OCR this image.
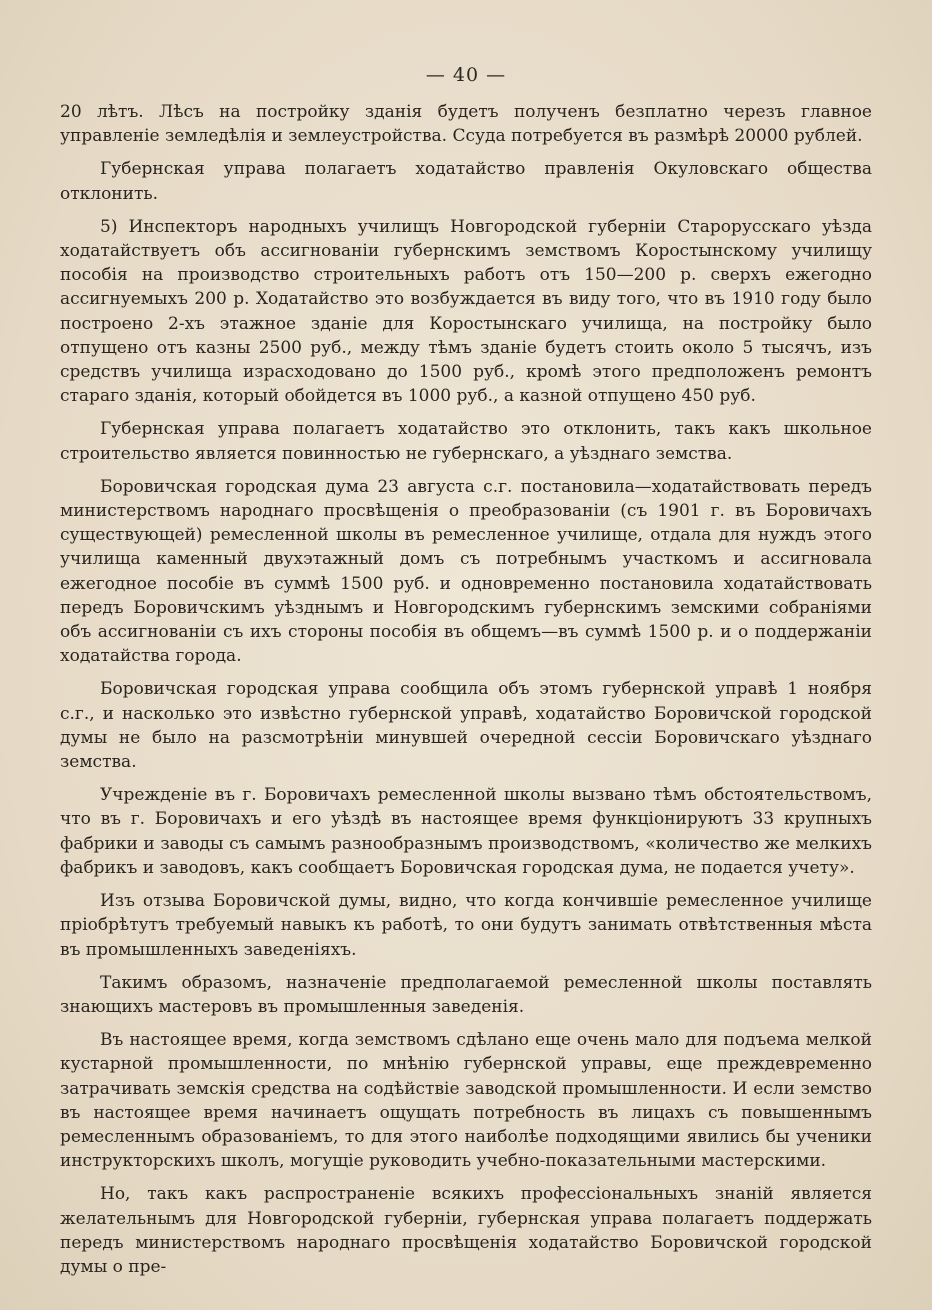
— 40 —

20 лѣтъ. Лѣсъ на постройку зданія будетъ полученъ безплатно черезъ главное управленіе земледѣлія и землеустройства. Ссуда потребуется въ размѣрѣ 20000 рублей.

Губернская управа полагаетъ ходатайство правленія Окуловскаго общества отклонить.

5) Инспекторъ народныхъ училищъ Новгородской губерніи Старорусскаго уѣзда ходатайствуетъ объ ассигнованіи губернскимъ земствомъ Коростынскому училищу пособія на производство строительныхъ работъ отъ 150—200 р. сверхъ ежегодно ассигнуемыхъ 200 р. Ходатайство это возбуждается въ виду того, что въ 1910 году было построено 2-хъ этажное зданіе для Коростынскаго училища, на постройку было отпущено отъ казны 2500 руб., между тѣмъ зданіе будетъ стоить около 5 тысячъ, изъ средствъ училища израсходовано до 1500 руб., кромѣ этого предположенъ ремонтъ стараго зданія, который обойдется въ 1000 руб., а казной отпущено 450 руб.

Губернская управа полагаетъ ходатайство это отклонить, такъ какъ школьное строительство является повинностью не губернскаго, а уѣзднаго земства.

Боровичская городская дума 23 августа с.г. постановила—ходатайствовать передъ министерствомъ народнаго просвѣщенія о преобразованіи (съ 1901 г. въ Боровичахъ существующей) ремесленной школы въ ремесленное училище, отдала для нуждъ этого училища каменный двухэтажный домъ съ потребнымъ участкомъ и ассигновала ежегодное пособіе въ суммѣ 1500 руб. и одновременно постановила ходатайствовать передъ Боровичскимъ уѣзднымъ и Новгородскимъ губернскимъ земскими собраніями объ ассигнованіи съ ихъ стороны пособія въ общемъ—въ суммѣ 1500 р. и о поддержаніи ходатайства города.

Боровичская городская управа сообщила объ этомъ губернской управѣ 1 ноября с.г., и насколько это извѣстно губернской управѣ, ходатайство Боровичской городской думы не было на разсмотрѣніи минувшей очередной сессіи Боровичскаго уѣзднаго земства.

Учрежденіе въ г. Боровичахъ ремесленной школы вызвано тѣмъ обстоятельствомъ, что въ г. Боровичахъ и его уѣздѣ въ настоящее время функціонируютъ 33 крупныхъ фабрики и заводы съ самымъ разнообразнымъ производствомъ, «количество же мелкихъ фабрикъ и заводовъ, какъ сообщаетъ Боровичская городская дума, не подается учету».

Изъ отзыва Боровичской думы, видно, что когда кончившіе ремесленное училище пріобрѣтутъ требуемый навыкъ къ работѣ, то они будутъ занимать отвѣтственныя мѣста въ промышленныхъ заведеніяхъ.

Такимъ образомъ, назначеніе предполагаемой ремесленной школы поставлять знающихъ мастеровъ въ промышленныя заведенія.

Въ настоящее время, когда земствомъ сдѣлано еще очень мало для подъема мелкой кустарной промышленности, по мнѣнію губернской управы, еще преждевременно затрачивать земскія средства на содѣйствіе заводской промышленности. И если земство въ настоящее время начинаетъ ощущать потребность въ лицахъ съ повышеннымъ ремесленнымъ образованіемъ, то для этого наиболѣе подходящими явились бы ученики инструкторскихъ школъ, могущіе руководить учебно-показательными мастерскими.

Но, такъ какъ распространеніе всякихъ профессіональныхъ знаній является желательнымъ для Новгородской губерніи, губернская управа полагаетъ поддержать передъ министерствомъ народнаго просвѣщенія ходатайство Боровичской городской думы о пре-
